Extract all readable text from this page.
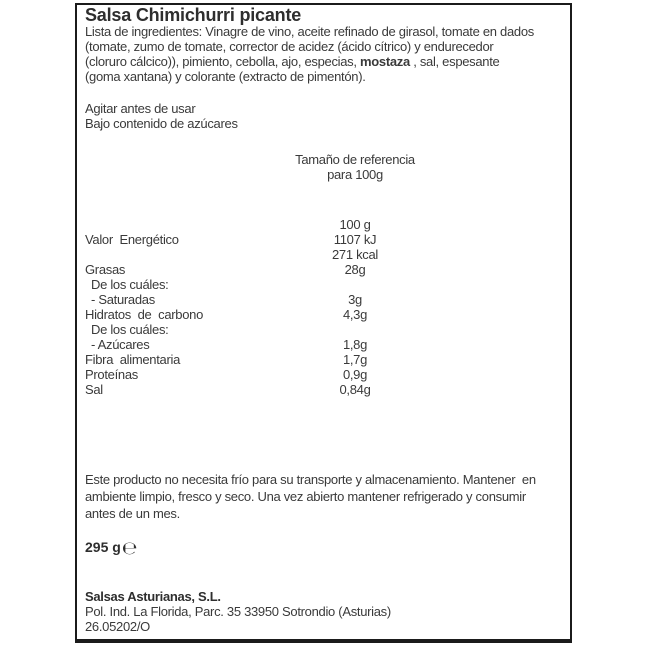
Salsa Chimichurri picante
Lista de ingredientes: Vinagre de vino, aceite refinado de girasol, tomate en dados
(tomate, zumo de tomate, corrector de acidez (ácido cítrico) y endurecedor
(cloruro cálcico)), pimiento, cebolla, ajo, especias, mostaza , sal, espesante
(goma xantana) y colorante (extracto de pimentón).
Agitar antes de usar
Bajo contenido de azúcares
Tamaño de referencia
para 100g
100 g
Valor  Energético	1107 kJ
271 kcal
Grasas	28g
De los cuáles:
- Saturadas	3g
Hidratos  de  carbono	4,3g
De los cuáles:
- Azúcares	1,8g
Fibra  alimentaria	1,7g
Proteínas	0,9g
Sal	0,84g
Este producto no necesita frío para su transporte y almacenamiento. Mantener  en
ambiente limpio, fresco y seco. Una vez abierto mantener refrigerado y consumir
antes de un mes.
295 g℮
Salsas Asturianas, S.L.
Pol. Ind. La Florida, Parc. 35 33950 Sotrondio (Asturias)
26.05202/O
